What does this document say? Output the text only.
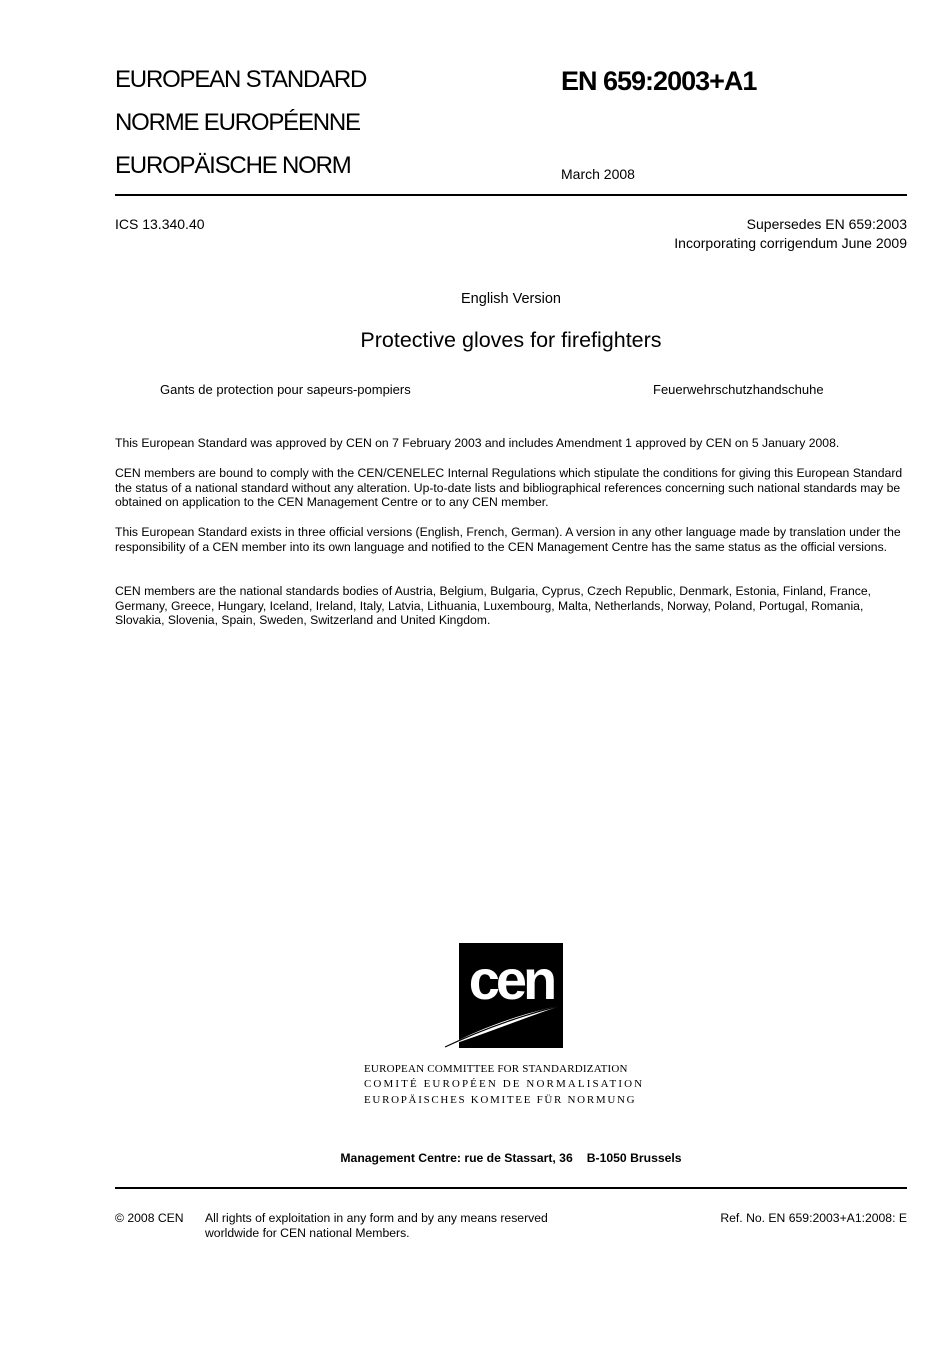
EUROPEAN STANDARD
NORME EUROPÉENNE
EUROPÄISCHE NORM
EN 659:2003+A1
March 2008
ICS 13.340.40	Supersedes EN 659:2003
Incorporating corrigendum June 2009
English Version
Protective gloves for firefighters
Gants de protection pour sapeurs-pompiers	Feuerwehrschutzhandschuhe
This European Standard was approved by CEN on 7 February 2003 and includes Amendment 1 approved by CEN on 5 January 2008.
CEN members are bound to comply with the CEN/CENELEC Internal Regulations which stipulate the conditions for giving this European Standard the status of a national standard without any alteration. Up-to-date lists and bibliographical references concerning such national standards may be obtained on application to the CEN Management Centre or to any CEN member.
This European Standard exists in three official versions (English, French, German). A version in any other language made by translation under the responsibility of a CEN member into its own language and notified to the CEN Management Centre has the same status as the official versions.
CEN members are the national standards bodies of Austria, Belgium, Bulgaria, Cyprus, Czech Republic, Denmark, Estonia, Finland, France, Germany, Greece, Hungary, Iceland, Ireland, Italy, Latvia, Lithuania, Luxembourg, Malta, Netherlands, Norway, Poland, Portugal, Romania, Slovakia, Slovenia, Spain, Sweden, Switzerland and United Kingdom.
cen
EUROPEAN COMMITTEE FOR STANDARDIZATION
COMITÉ EUROPÉEN DE NORMALISATION
EUROPÄISCHES KOMITEE FÜR NORMUNG
Management Centre: rue de Stassart, 36 B-1050 Brussels
© 2008 CEN All rights of exploitation in any form and by any means reserved
worldwide for CEN national Members.
Ref. No. EN 659:2003+A1:2008: E
